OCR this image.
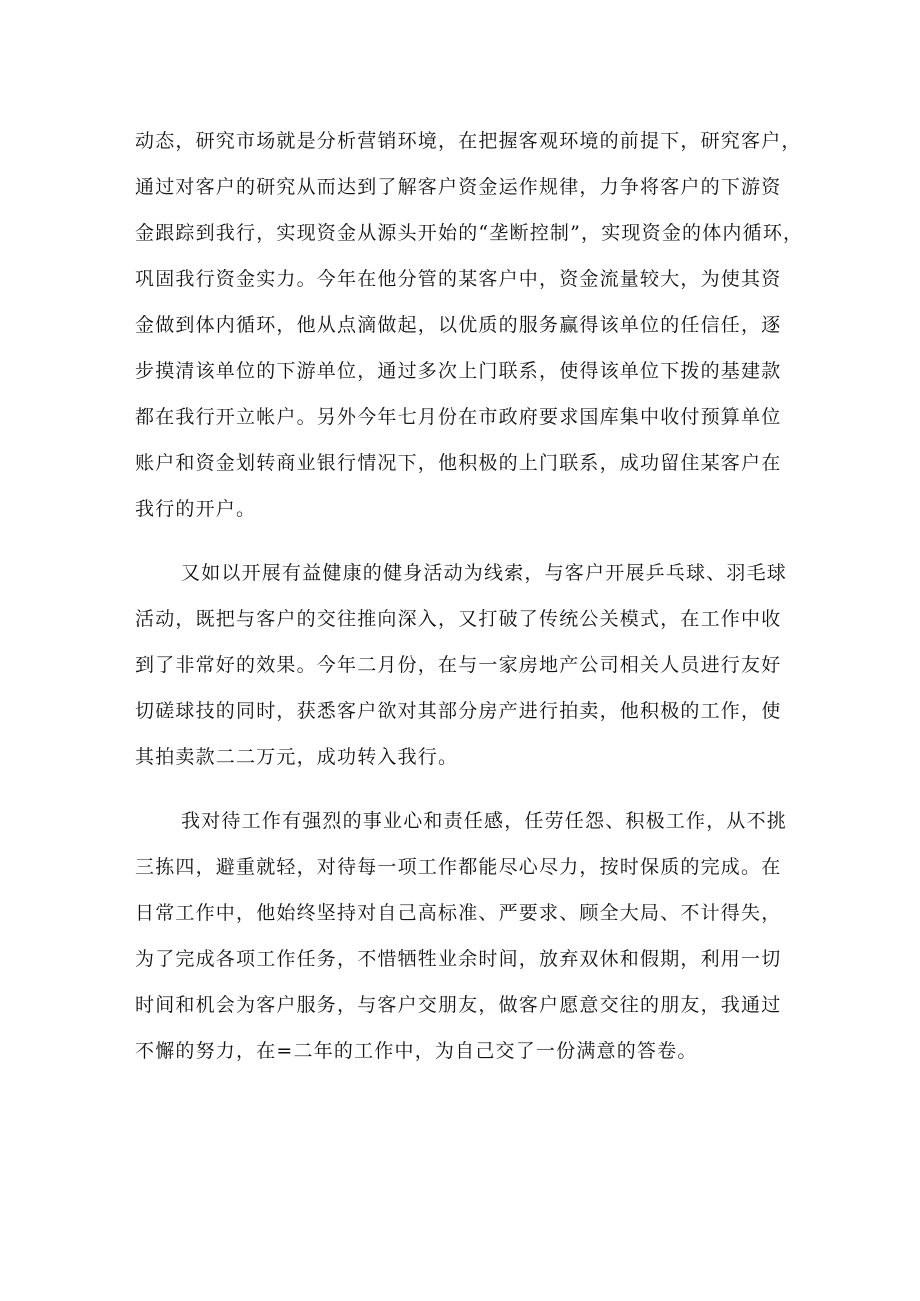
动态，研究市场就是分析营销环境，在把握客观环境的前提下，研究客户，
通过对客户的研究从而达到了解客户资金运作规律，力争将客户的下游资
金跟踪到我行，实现资金从源头开始的“垄断控制”，实现资金的体内循环，
巩固我行资金实力。今年在他分管的某客户中，资金流量较大，为使其资
金做到体内循环，他从点滴做起，以优质的服务赢得该单位的任信任，逐
步摸清该单位的下游单位，通过多次上门联系，使得该单位下拨的基建款
都在我行开立帐户。另外今年七月份在市政府要求国库集中收付预算单位
账户和资金划转商业银行情况下，他积极的上门联系，成功留住某客户在
我行的开户。
又如以开展有益健康的健身活动为线索，与客户开展乒乓球、羽毛球
活动，既把与客户的交往推向深入，又打破了传统公关模式，在工作中收
到了非常好的效果。今年二月份，在与一家房地产公司相关人员进行友好
切磋球技的同时，获悉客户欲对其部分房产进行拍卖，他积极的工作，使
其拍卖款二二万元，成功转入我行。
我对待工作有强烈的事业心和责任感，任劳任怨、积极工作，从不挑
三拣四，避重就轻，对待每一项工作都能尽心尽力，按时保质的完成。在
日常工作中，他始终坚持对自己高标准、严要求、顾全大局、不计得失，
为了完成各项工作任务，不惜牺牲业余时间，放弃双休和假期，利用一切
时间和机会为客户服务，与客户交朋友，做客户愿意交往的朋友，我通过
不懈的努力，在=二年的工作中，为自己交了一份满意的答卷。
